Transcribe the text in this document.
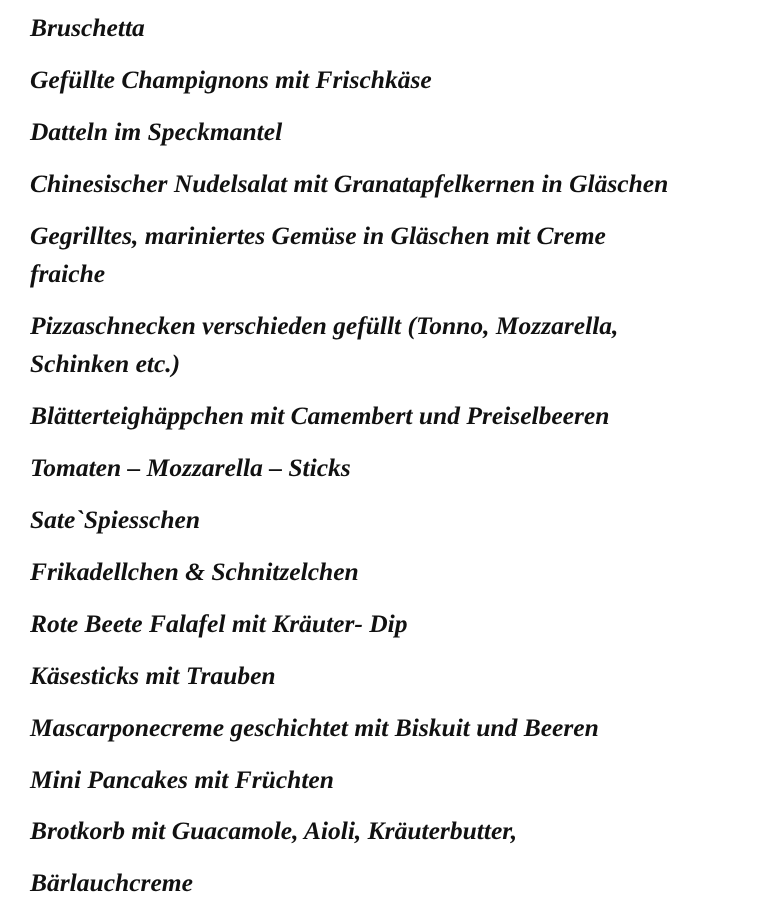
Bruschetta
Gefüllte Champignons mit Frischkäse
Datteln im Speckmantel
Chinesischer Nudelsalat mit Granatapfelkernen in Gläschen
Gegrilltes, mariniertes Gemüse in Gläschen mit Creme
fraiche
Pizzaschnecken verschieden gefüllt (Tonno, Mozzarella,
Schinken etc.)
Blätterteighäppchen mit Camembert und Preiselbeeren
Tomaten – Mozzarella – Sticks
Sate`Spiesschen
Frikadellchen & Schnitzelchen
Rote Beete Falafel mit Kräuter- Dip
Käsesticks mit Trauben
Mascarponecreme geschichtet mit Biskuit und Beeren
Mini Pancakes mit Früchten
Brotkorb mit Guacamole, Aioli, Kräuterbutter,
Bärlauchcreme
